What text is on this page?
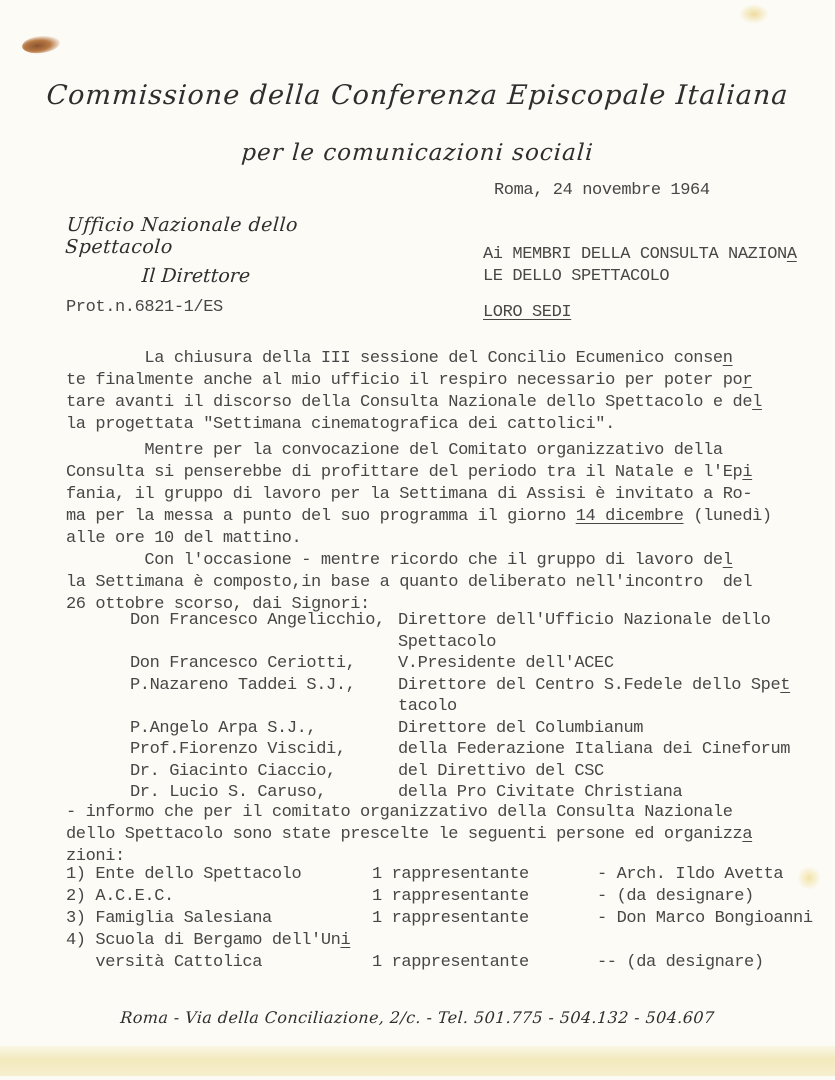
Commissione della Conferenza Episcopale Italiana
per le comunicazioni sociali
Roma, 24 novembre 1964
Ufficio Nazionale dello Spettacolo
Il Direttore
Prot.n.6821-1/ES
Ai MEMBRI DELLA CONSULTA NAZIONA
LE DELLO SPETTACOLO
LORO SEDI
La chiusura della III sessione del Concilio Ecumenico consen
te finalmente anche al mio ufficio il respiro necessario per poter por
tare avanti il discorso della Consulta Nazionale dello Spettacolo e del
la progettata "Settimana cinematografica dei cattolici".
Mentre per la convocazione del Comitato organizzativo della
Consulta si penserebbe di profittare del periodo tra il Natale e l'Epi
fania, il gruppo di lavoro per la Settimana di Assisi è invitato a Ro-
ma per la messa a punto del suo programma il giorno 14 dicembre (lunedì)
alle ore 10 del mattino.
Con l'occasione - mentre ricordo che il gruppo di lavoro del
la Settimana è composto,in base a quanto deliberato nell'incontro  del
26 ottobre scorso, dai Signori:
- informo che per il comitato organizzativo della Consulta Nazionale
dello Spettacolo sono state prescelte le seguenti persone ed organizza
zioni:
Don Francesco Angelicchio, Direttore dell'Ufficio Nazionale dello
Spettacolo
Don Francesco Ceriotti,	V.Presidente dell'ACEC
P.Nazareno Taddei S.J.,	Direttore del Centro S.Fedele dello Spet
tacolo
P.Angelo Arpa S.J.,	Direttore del Columbianum
Prof.Fiorenzo Viscidi,	della Federazione Italiana dei Cineforum
Dr. Giacinto Ciaccio,	del Direttivo del CSC
Dr. Lucio S. Caruso,	della Pro Civitate Christiana
1) Ente dello Spettacolo	1 rappresentante	- Arch. Ildo Avetta
2) A.C.E.C.	1 rappresentante	- (da designare)
3) Famiglia Salesiana	1 rappresentante	- Don Marco Bongioanni
4) Scuola di Bergamo dell'Uni
versità Cattolica	1 rappresentante	-- (da designare)
Roma - Via della Conciliazione, 2/c. - Tel. 501.775 - 504.132 - 504.607
